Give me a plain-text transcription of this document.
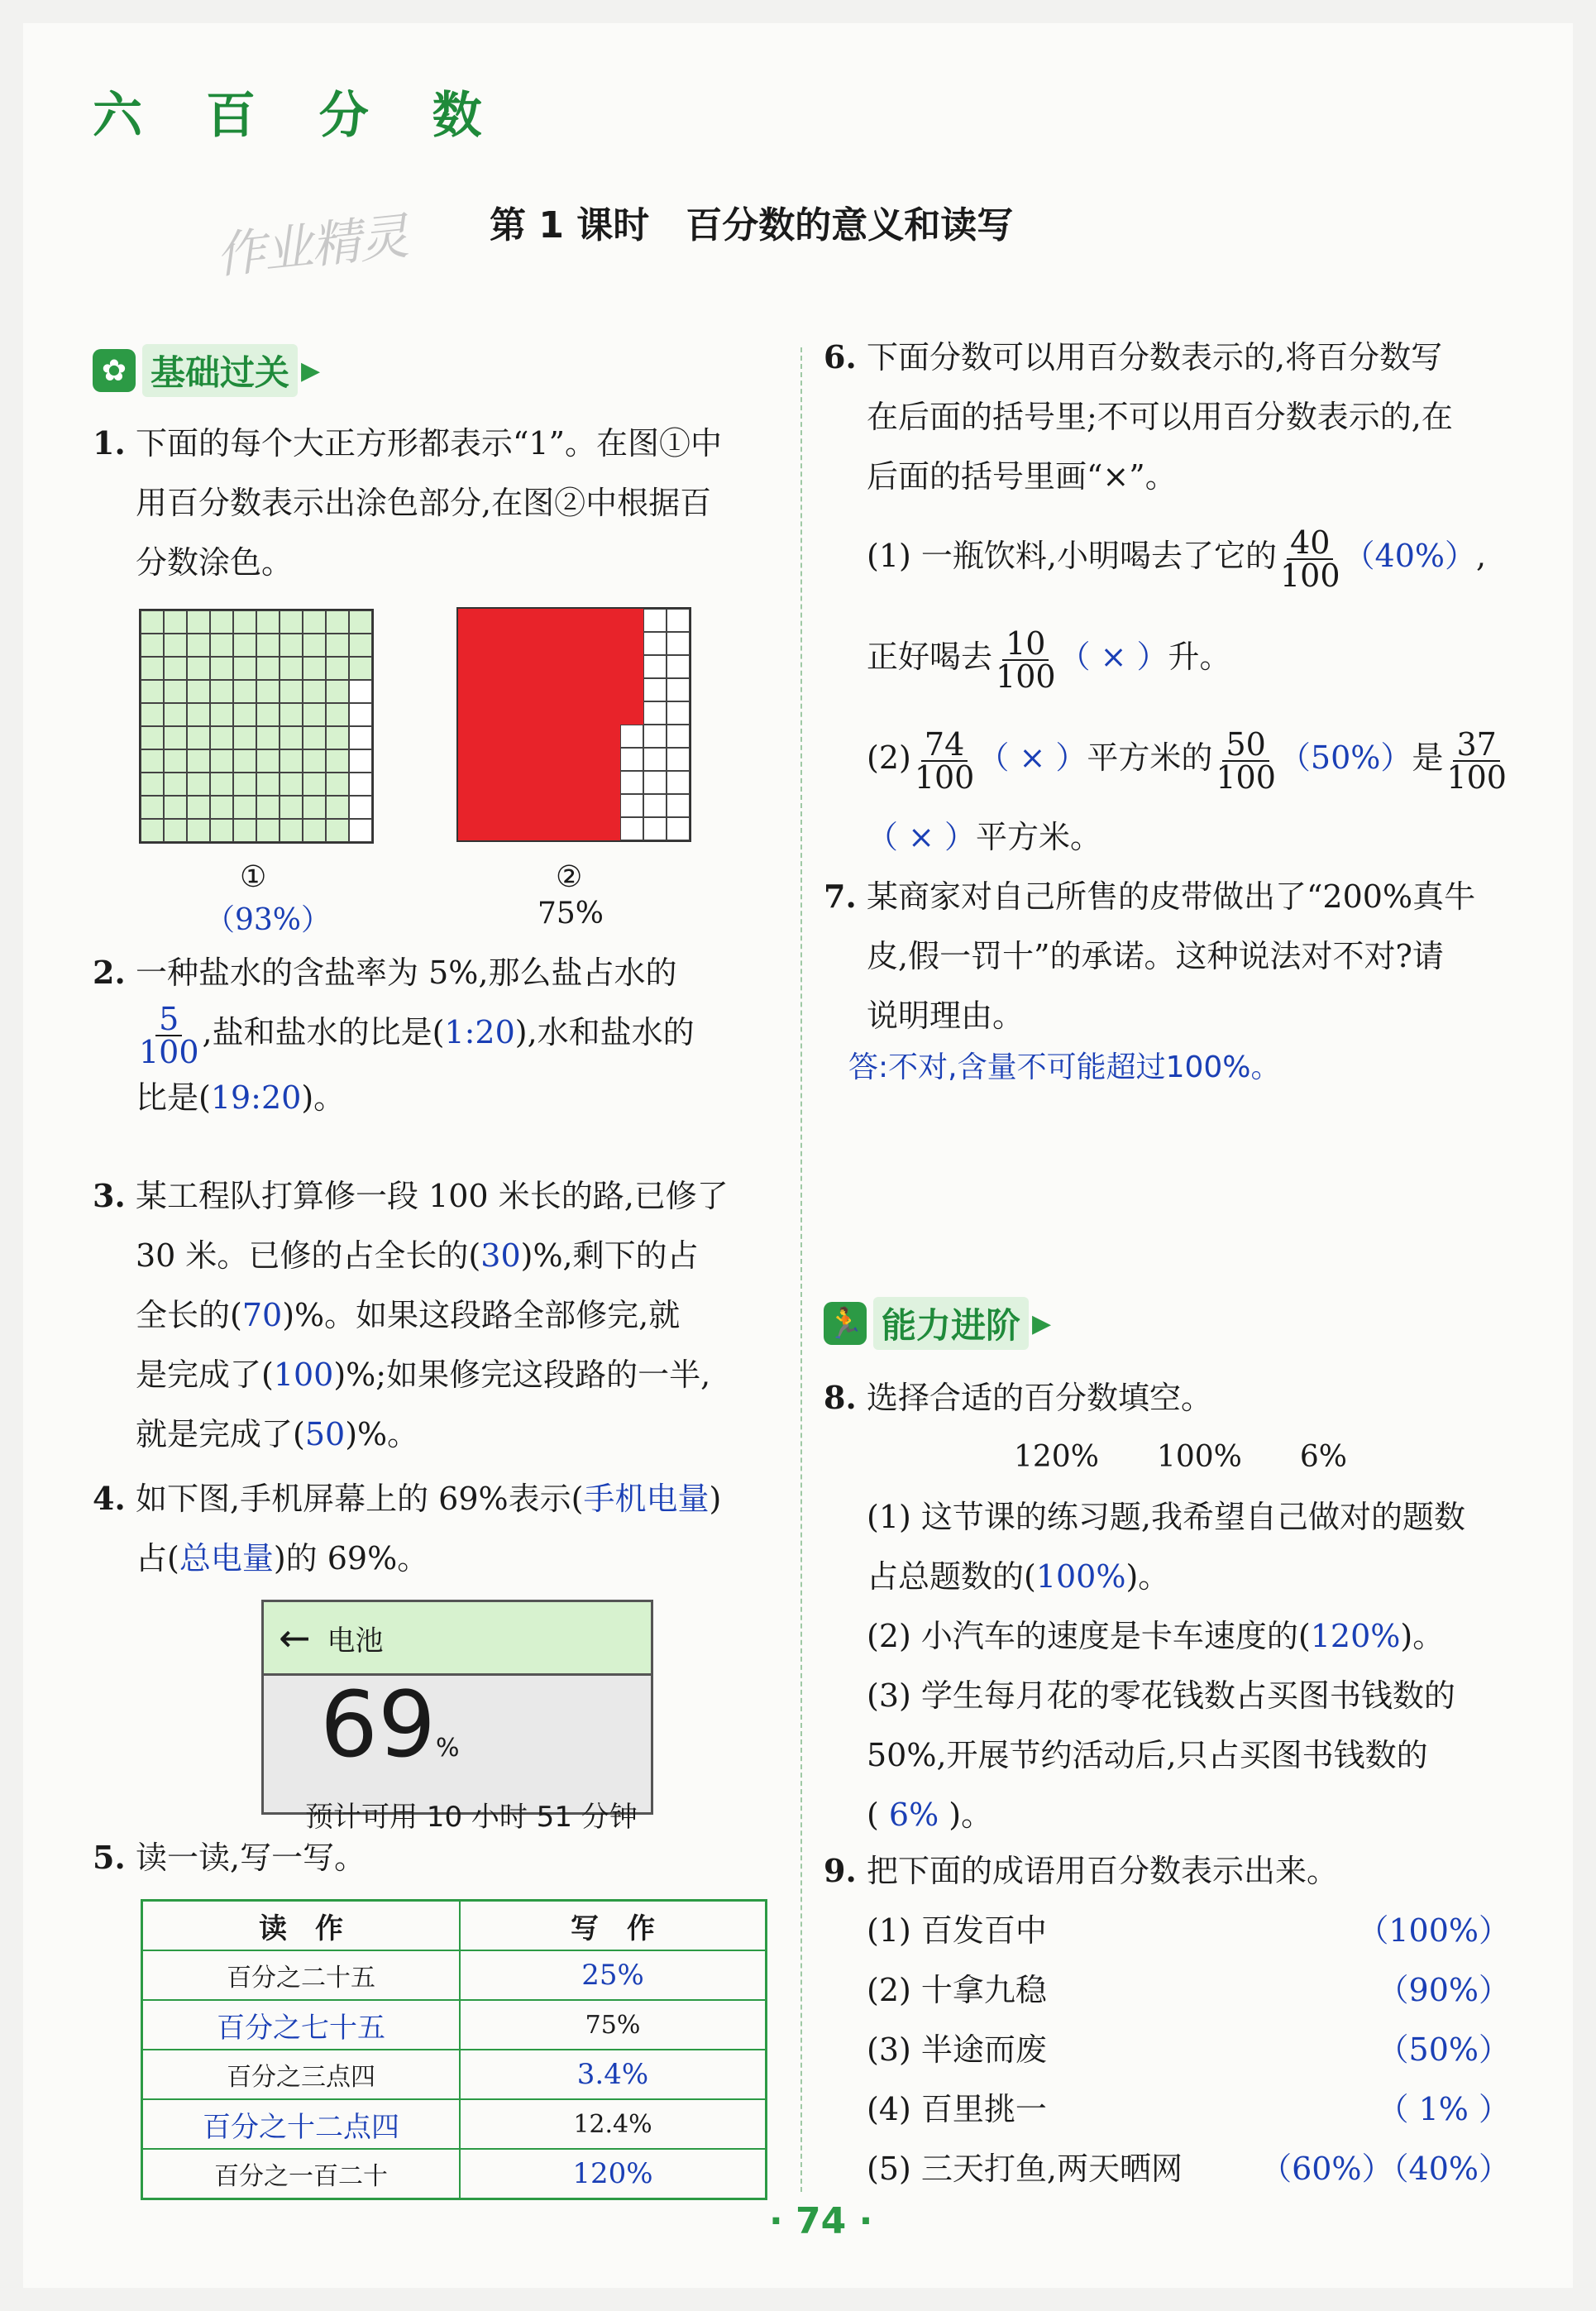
六 百 分 数
作业精灵 第 1 课时　百分数的意义和读写
✿ 基础过关 ▶
1. 下面的每个大正方形都表示“1”。在图①中
用百分数表示出涂色部分,在图②中根据百
分数涂色。
①
（93%）
②
75%
2. 一种盐水的含盐率为 5%,那么盐占水的
$\frac{5}{100}$ ,盐和盐水的比是(1:20),水和盐水的
比是(19:20)。
3. 某工程队打算修一段 100 米长的路,已修了
30 米。已修的占全长的(30)%,剩下的占
全长的(70)%。如果这段路全部修完,就
是完成了(100)%;如果修完这段路的一半,
就是完成了(50)%。
4. 如下图,手机屏幕上的 69%表示(手机电量)
占(总电量)的 69%。
← 电池
69%
预计可用 10 小时 51 分钟
5. 读一读,写一写。
读　作	写　作
百分之二十五	25%
百分之七十五	75%
百分之三点四	3.4%
百分之十二点四	12.4%
百分之一百二十	120%
6. 下面分数可以用百分数表示的,将百分数写
在后面的括号里;不可以用百分数表示的,在
后面的括号里画“×”。
(1) 一瓶饮料,小明喝去了它的 $\frac{40}{100} (40\%)$,
正好喝去 $\frac{10}{100}$ （ × ）升。
$(2) \frac{74}{100}$ （ × ）平方米的 $\frac{50}{100} (50\%)$是 $\frac{37}{100}$
（ × ）平方米。
7. 某商家对自己所售的皮带做出了“200%真牛
皮,假一罚十”的承诺。这种说法对不对?请
说明理由。
答:不对,含量不可能超过100%。
🏃 能力进阶 ▶
8. 选择合适的百分数填空。
120% 100% 6%
(1) 这节课的练习题,我希望自己做对的题数
占总题数的(100%)。
(2) 小汽车的速度是卡车速度的(120%)。
(3) 学生每月花的零花钱数占买图书钱数的
50%,开展节约活动后,只占买图书钱数的
( 6% )。
9. 把下面的成语用百分数表示出来。
(1) 百发百中	（100%）
(2) 十拿九稳	（90%）
(3) 半途而废	（50%）
(4) 百里挑一	（ 1% ）
(5) 三天打鱼,两天晒网 （60%）（40%）
· 74 ·
